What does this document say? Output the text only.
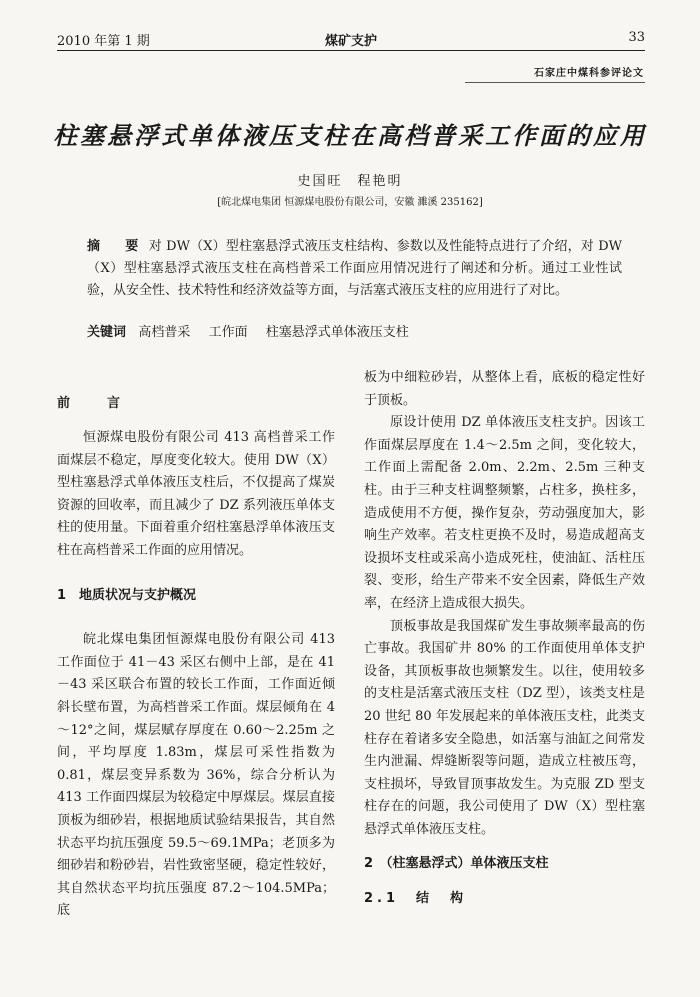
2010 年第 1 期	煤矿支护	33
石家庄中煤科参评论文
柱塞悬浮式单体液压支柱在高档普采工作面的应用
史国旺　程艳明
[皖北煤电集团 恒源煤电股份有限公司，安徽 濉溪 235162]
摘　要 对 DW（X）型柱塞悬浮式液压支柱结构、参数以及性能特点进行了介绍，对 DW（X）型柱塞悬浮式液压支柱在高档普采工作面应用情况进行了阐述和分析。通过工业性试验，从安全性、技术特性和经济效益等方面，与活塞式液压支柱的应用进行了对比。
关键词 高档普采 工作面 柱塞悬浮式单体液压支柱
前　言

恒源煤电股份有限公司 413 高档普采工作面煤层不稳定，厚度变化较大。使用 DW（X）型柱塞悬浮式单体液压支柱后，不仅提高了煤炭资源的回收率，而且减少了 DZ 系列液压单体支柱的使用量。下面着重介绍柱塞悬浮单体液压支柱在高档普采工作面的应用情况。

1　地质状况与支护概况

皖北煤电集团恒源煤电股份有限公司 413 工作面位于 41－43 采区右侧中上部，是在 41－43 采区联合布置的较长工作面，工作面近倾斜长壁布置，为高档普采工作面。煤层倾角在 4～12°之间，煤层赋存厚度在 0.60～2.25m 之间，平均厚度 1.83m，煤层可采性指数为 0.81，煤层变异系数为 36%，综合分析认为 413 工作面四煤层为较稳定中厚煤层。煤层直接顶板为细砂岩，根据地质试验结果报告，其自然状态平均抗压强度 59.5～69.1MPa；老顶多为细砂岩和粉砂岩，岩性致密坚硬，稳定性较好，其自然状态平均抗压强度 87.2～104.5MPa；底

板为中细粒砂岩，从整体上看，底板的稳定性好于顶板。

原设计使用 DZ 单体液压支柱支护。因该工作面煤层厚度在 1.4～2.5m 之间，变化较大，工作面上需配备 2.0m、2.2m、2.5m 三种支柱。由于三种支柱调整频繁，占柱多，换柱多，造成使用不方便，操作复杂，劳动强度加大，影响生产效率。若支柱更换不及时，易造成超高支设损坏支柱或采高小造成死柱，使油缸、活柱压裂、变形，给生产带来不安全因素，降低生产效率，在经济上造成很大损失。

顶板事故是我国煤矿发生事故频率最高的伤亡事故。我国矿井 80% 的工作面使用单体支护设备，其顶板事故也频繁发生。以往，使用较多的支柱是活塞式液压支柱（DZ 型），该类支柱是 20 世纪 80 年发展起来的单体液压支柱，此类支柱存在着诸多安全隐患，如活塞与油缸之间常发生内泄漏、焊缝断裂等问题，造成立柱被压弯，支柱损坏，导致冒顶事故发生。为克服 ZD 型支柱存在的问题，我公司使用了 DW（X）型柱塞悬浮式单体液压支柱。

2　（柱塞悬浮式）单体液压支柱
2.1　结　构
